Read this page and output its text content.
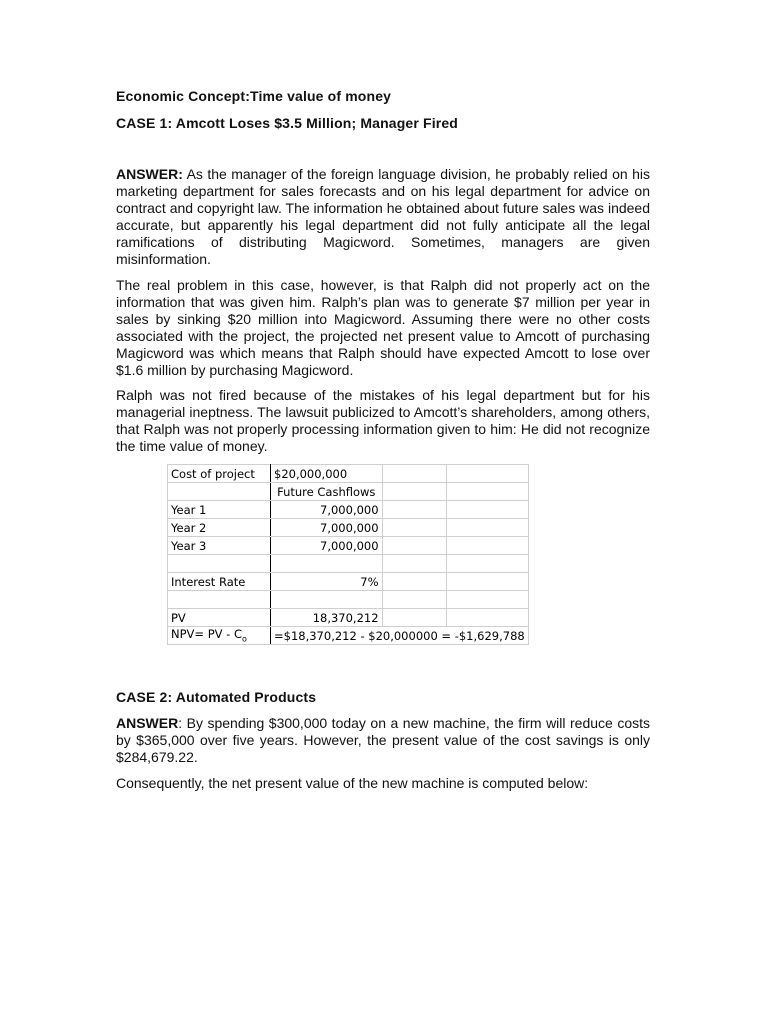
Economic Concept:Time value of money
CASE 1: Amcott Loses $3.5 Million; Manager Fired

ANSWER: As the manager of the foreign language division, he probably relied on his marketing department for sales forecasts and on his legal department for advice on contract and copyright law. The information he obtained about future sales was indeed accurate, but apparently his legal department did not fully anticipate all the legal ramifications of distributing Magicword. Sometimes, managers are given misinformation.

The real problem in this case, however, is that Ralph did not properly act on the information that was given him. Ralph’s plan was to generate $7 million per year in sales by sinking $20 million into Magicword. Assuming there were no other costs associated with the project, the projected net present value to Amcott of purchasing Magicword was which means that Ralph should have expected Amcott to lose over $1.6 million by purchasing Magicword.

Ralph was not fired because of the mistakes of his legal department but for his managerial ineptness. The lawsuit publicized to Amcott’s shareholders, among others, that Ralph was not properly processing information given to him: He did not recognize the time value of money.

Cost of project	$20,000,000		
	Future Cashflows		
Year 1	7,000,000		
Year 2	7,000,000		
Year 3	7,000,000		

Interest Rate	7%		

PV	18,370,212		
NPV= PV - $C_o$	=$18,370,212 - $20,000000 = -$1,629,788		
CASE 2: Automated Products

ANSWER: By spending $300,000 today on a new machine, the firm will reduce costs by $365,000 over five years. However, the present value of the cost savings is only $284,679.22.

Consequently, the net present value of the new machine is computed below:
